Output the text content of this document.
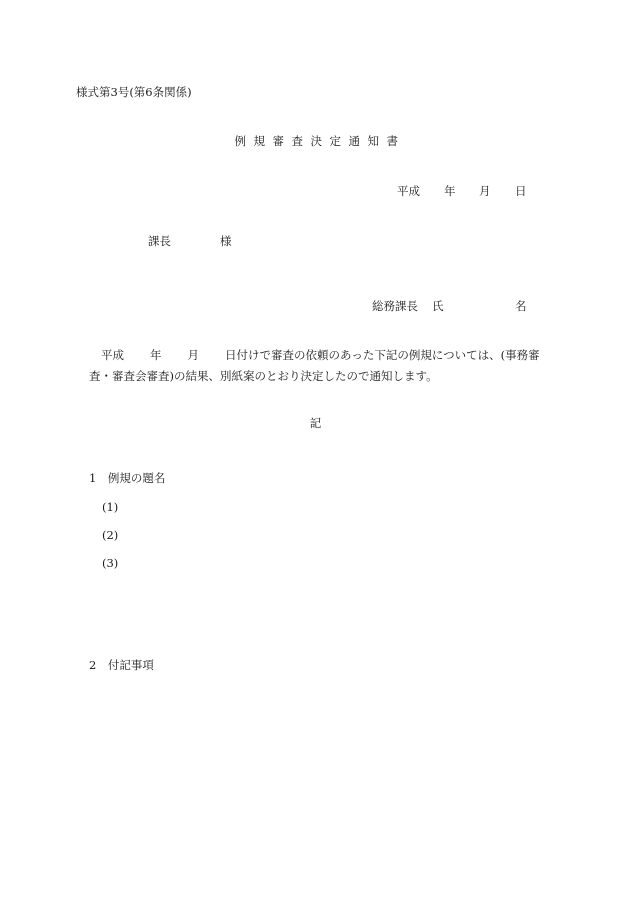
様式第3号(第6条関係)
例規審査決定通知書
平成 年 月 日
課長	様
総務課長 氏	名
平成 年 月 日付けで審査の依頼のあった下記の例規については、(事務審
査・審査会審査)の結果、別紙案のとおり決定したので通知します。
記
1　例規の題名
(1)
(2)
(3)
2　付記事項
